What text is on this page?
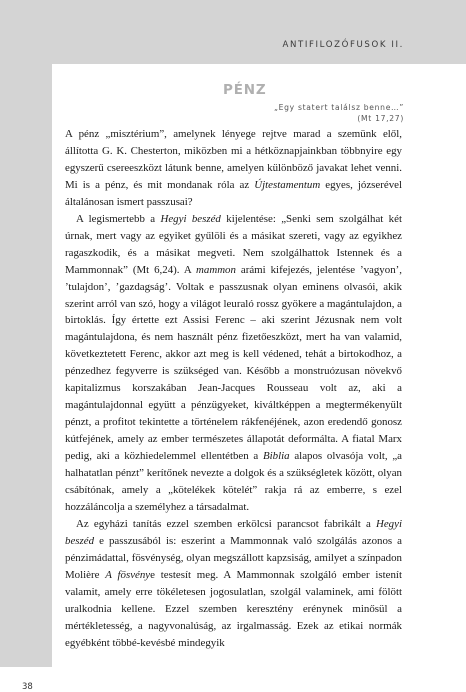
ANTIFILOZÓFUSOK II.
38
PÉNZ
„Egy statert találsz benne…”
(Mt 17,27)

A pénz „misztérium”, amelynek lényege rejtve marad a szemünk elől, állította G. K. Chesterton, miközben mi a hétköznapjainkban többnyire egy egyszerű csereeszközt látunk benne, amelyen különböző javakat lehet venni. Mi is a pénz, és mit mondanak róla az Újtestamentum egyes, józserével általánosan ismert passzusai?

A legismertebb a Hegyi beszéd kijelentése: „Senki sem szolgálhat két úrnak, mert vagy az egyiket gyűlöli és a másikat szereti, vagy az egyikhez ragaszkodik, és a másikat megveti. Nem szolgálhattok Istennek és a Mammonnak” (Mt 6,24). A mammon arámi kifejezés, jelentése ’vagyon’, ’tulajdon’, ’gazdagság’. Voltak e passzusnak olyan eminens olvasói, akik szerint arról van szó, hogy a világot leuraló rossz gyökere a magántulajdon, a birtoklás. Így értette ezt Assisi Ferenc – aki szerint Jézusnak nem volt magántulajdona, és nem használt pénz fizetőeszközt, mert ha van valamid, következtetett Ferenc, akkor azt meg is kell védened, tehát a birtokodhoz, a pénzedhez fegyverre is szükséged van. Később a monstruózusan növekvő kapitalizmus korszakában Jean-Jacques Rousseau volt az, aki a magántulajdonnal együtt a pénzügyeket, kiváltképpen a megtermékenyült pénzt, a profitot tekintette a történelem rákfenéjének, azon eredendő gonosz kútfejének, amely az ember természetes állapotát deformálta. A fiatal Marx pedig, aki a közhiedelemmel ellentétben a Biblia alapos olvasója volt, „a halhatatlan pénzt” kerítőnek nevezte a dolgok és a szükségletek között, olyan csábítónak, amely a „kötelékek kötelét” rakja rá az emberre, s ezel hozzáláncolja a személyhez a társadalmat.

Az egyházi tanítás ezzel szemben erkölcsi parancsot fabrikált a Hegyi beszéd e passzusából is: eszerint a Mammonnak való szolgálás azonos a pénzimádattal, fösvénység, olyan megszállott kapzsiság, amilyet a színpadon Molière A fösvénye testesít meg. A Mammonnak szolgáló ember istenít valamit, amely erre tökéletesen jogosulatlan, szolgál valaminek, ami fölött uralkodnia kellene. Ezzel szemben keresztény erénynek minősül a mértékletesség, a nagyvonalúság, az irgalmasság. Ezek az etikai normák egyébként többé-kevésbé mindegyik
